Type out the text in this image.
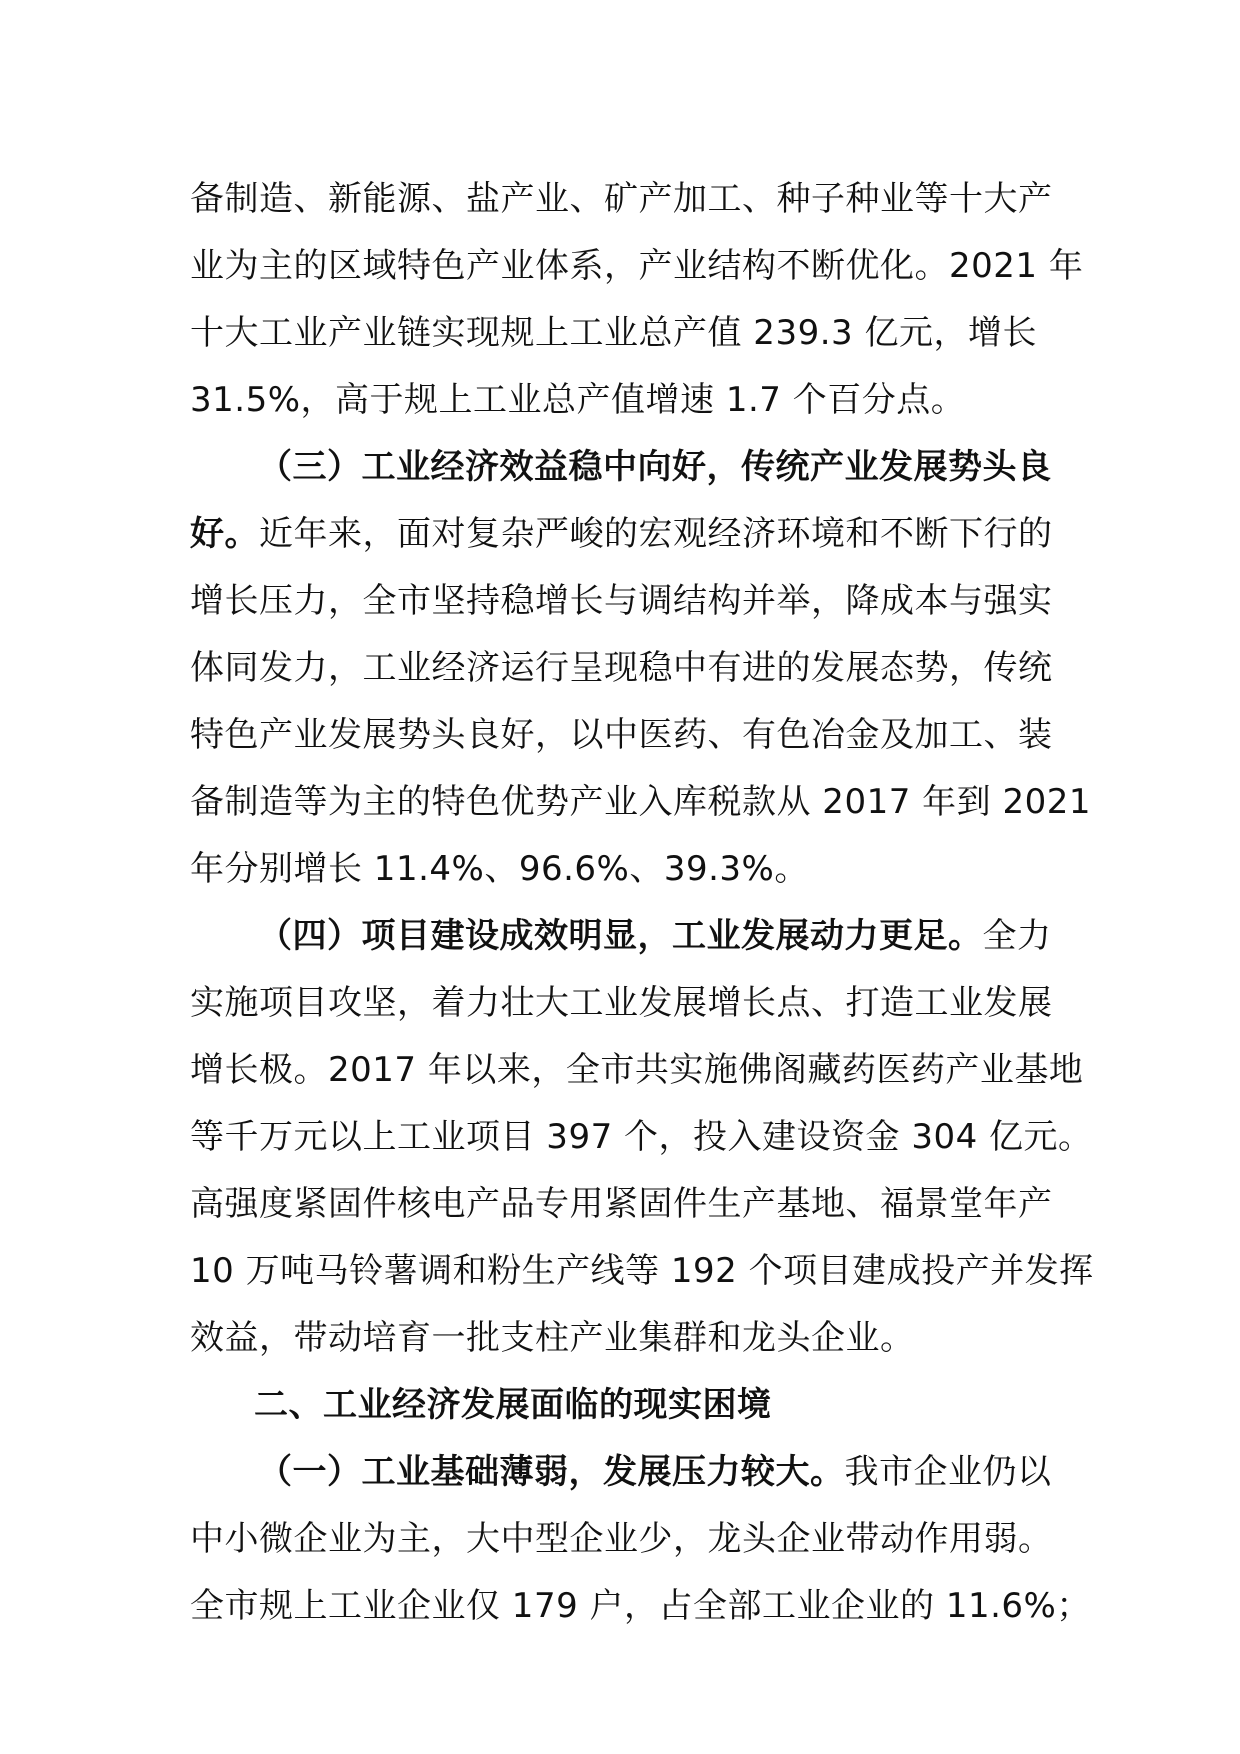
备制造、新能源、盐产业、矿产加工、种子种业等十大产
业为主的区域特色产业体系，产业结构不断优化。2021 年
十大工业产业链实现规上工业总产值 239.3 亿元，增长
31.5%，高于规上工业总产值增速 1.7 个百分点。
（三）工业经济效益稳中向好，传统产业发展势头良
好。近年来，面对复杂严峻的宏观经济环境和不断下行的
增长压力，全市坚持稳增长与调结构并举，降成本与强实
体同发力，工业经济运行呈现稳中有进的发展态势，传统
特色产业发展势头良好，以中医药、有色冶金及加工、装
备制造等为主的特色优势产业入库税款从 2017 年到 2021
年分别增长 11.4%、96.6%、39.3%。
（四）项目建设成效明显，工业发展动力更足。全力
实施项目攻坚，着力壮大工业发展增长点、打造工业发展
增长极。2017 年以来，全市共实施佛阁藏药医药产业基地
等千万元以上工业项目 397 个，投入建设资金 304 亿元。
高强度紧固件核电产品专用紧固件生产基地、福景堂年产
10 万吨马铃薯调和粉生产线等 192 个项目建成投产并发挥
效益，带动培育一批支柱产业集群和龙头企业。
二、工业经济发展面临的现实困境
（一）工业基础薄弱，发展压力较大。我市企业仍以
中小微企业为主，大中型企业少，龙头企业带动作用弱。
全市规上工业企业仅 179 户，占全部工业企业的 11.6%；
